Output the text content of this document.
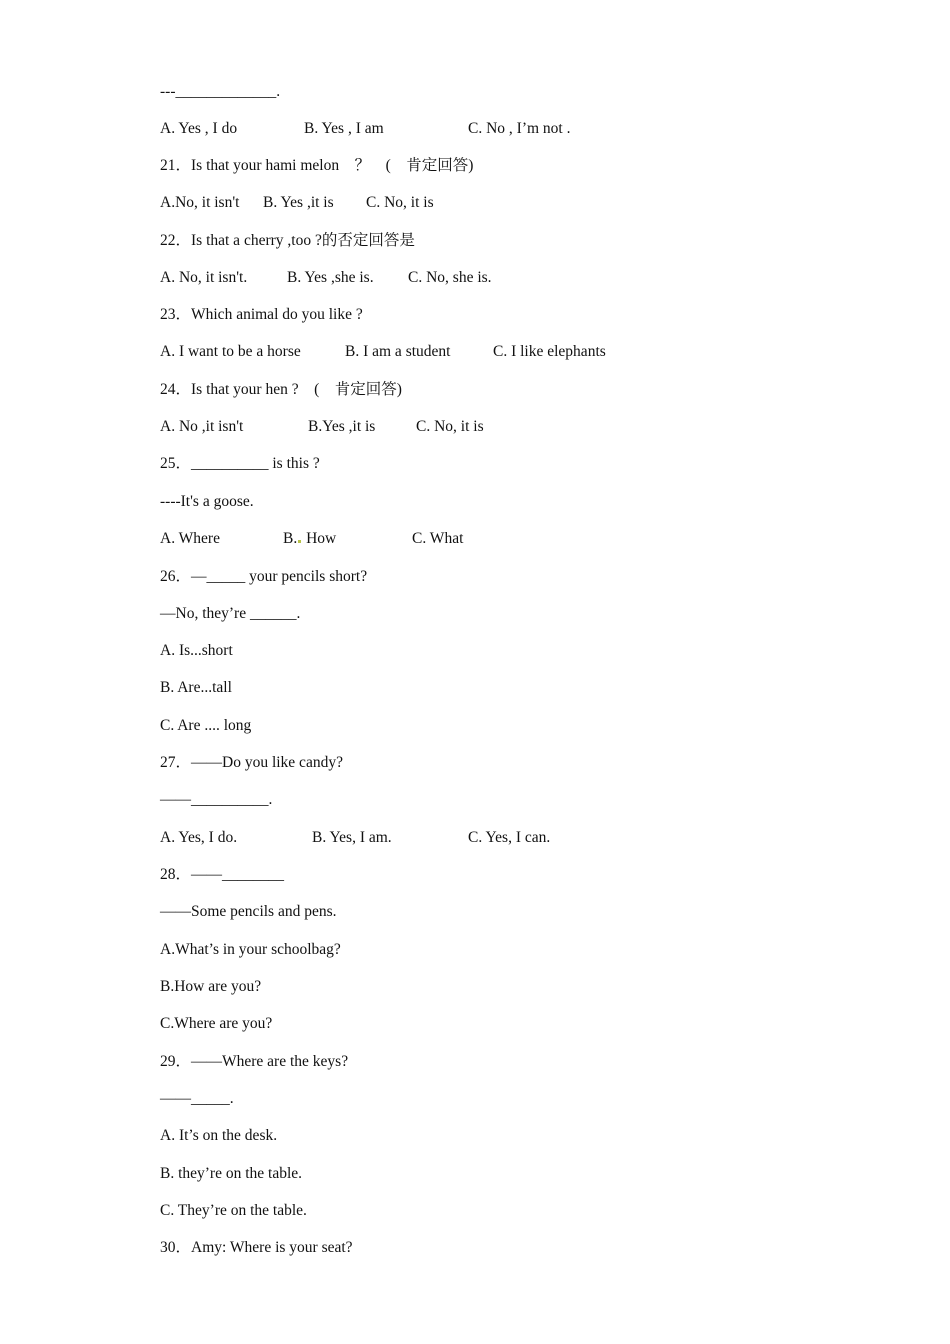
---_____________.
A. Yes , I do	B. Yes , I am	C. No , I’m not .
21．Is that your hami melon　？　(　肯定回答)
A.No, it isn't B. Yes ,it is C. No, it is
22．Is that a cherry ,too ?的否定回答是
A. No, it isn't.	B. Yes ,she is. C. No, she is.
23．Which animal do you like ?
A. I want to be a horse	B. I am a student	C. I like elephants
24．Is that your hen ?　(　肯定回答)
A. No ,it isn't	B.Yes ,it is	C. No, it is
25．__________ is this ?
----It's a goose.
A. Where	B. How	C. What
26．—_____ your pencils short?
—No, they’re ______.
A. Is...short
B. Are...tall
C. Are .... long
27．——Do you like candy?
——__________.
A. Yes, I do.	B. Yes, I am.	C. Yes, I can.
28．——________
——Some pencils and pens.
A.What’s in your schoolbag?
B.How are you?
C.Where are you?
29．——Where are the keys?
——_____.
A. It’s on the desk.
B. they’re on the table.
C. They’re on the table.
30．Amy: Where is your seat?
